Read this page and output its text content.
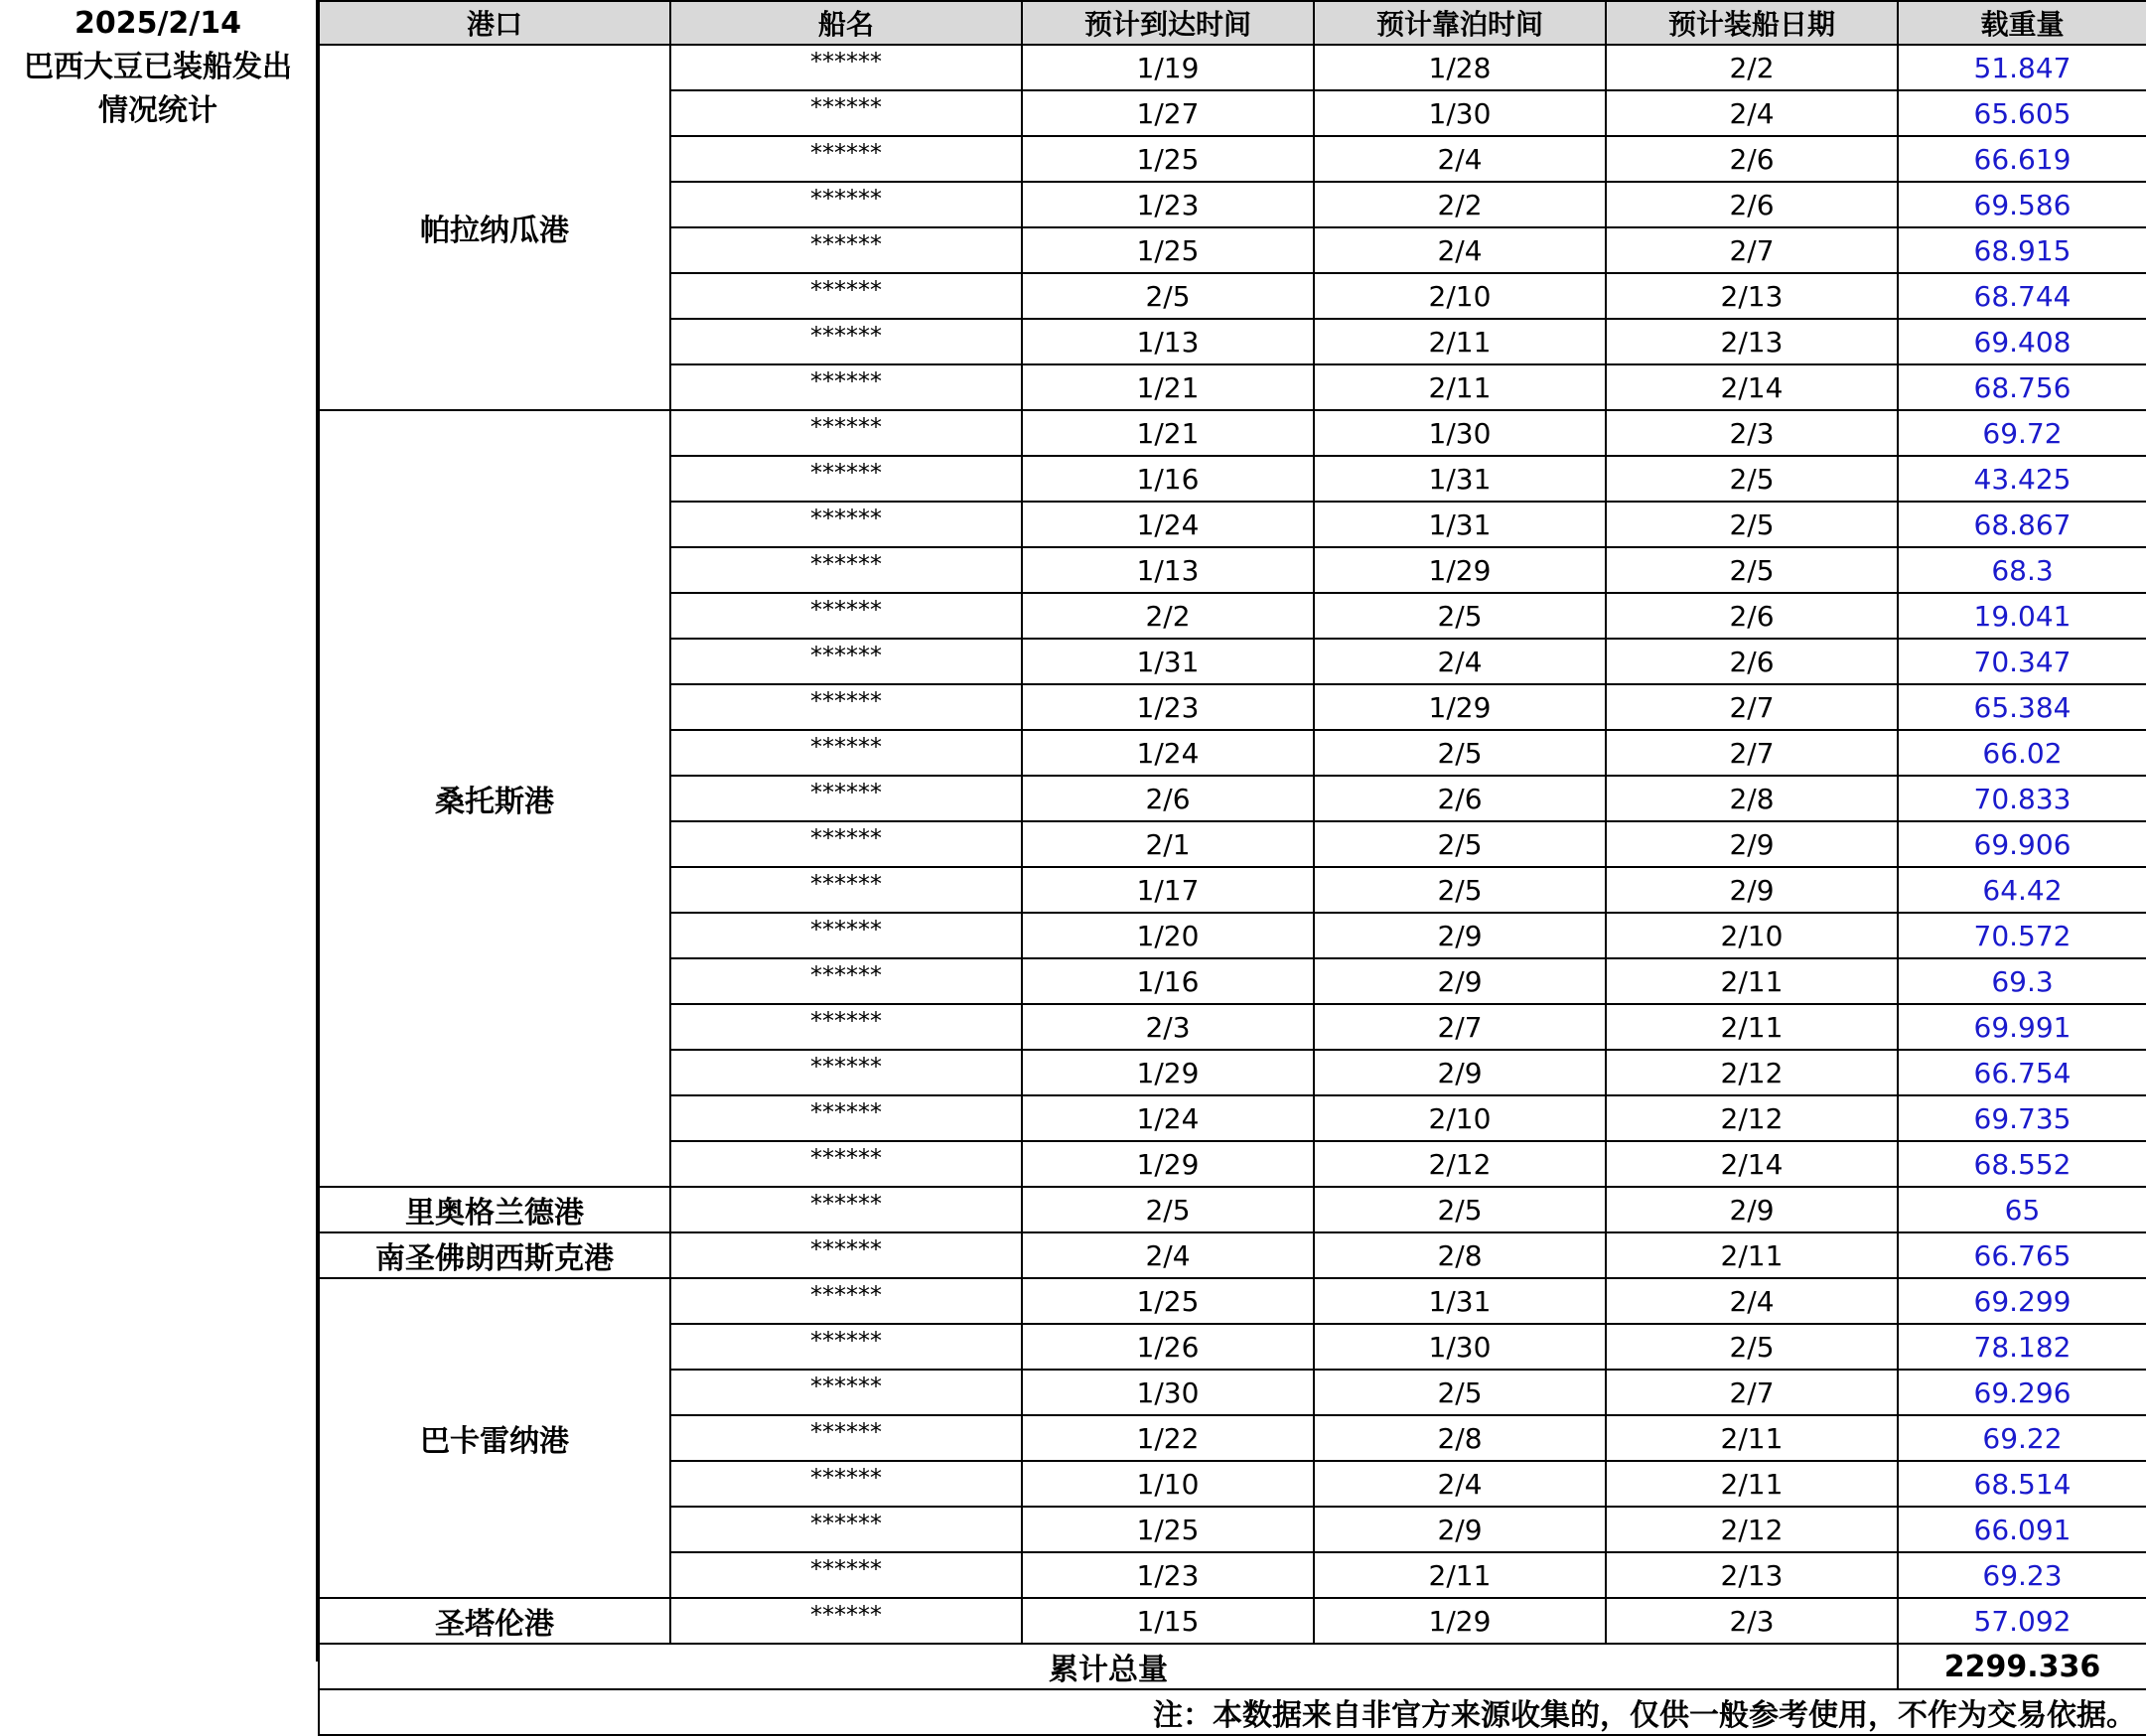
2025/2/14
巴西大豆已装船发出
情况统计
港口	船名	预计到达时间	预计靠泊时间	预计装船日期	载重量
帕拉纳瓜港	******	1/19	1/28	2/2	51.847
	******	1/27	1/30	2/4	65.605
	******	1/25	2/4	2/6	66.619
	******	1/23	2/2	2/6	69.586
	******	1/25	2/4	2/7	68.915
	******	2/5	2/10	2/13	68.744
	******	1/13	2/11	2/13	69.408
	******	1/21	2/11	2/14	68.756
桑托斯港	******	1/21	1/30	2/3	69.72
	******	1/16	1/31	2/5	43.425
	******	1/24	1/31	2/5	68.867
	******	1/13	1/29	2/5	68.3
	******	2/2	2/5	2/6	19.041
	******	1/31	2/4	2/6	70.347
	******	1/23	1/29	2/7	65.384
	******	1/24	2/5	2/7	66.02
	******	2/6	2/6	2/8	70.833
	******	2/1	2/5	2/9	69.906
	******	1/17	2/5	2/9	64.42
	******	1/20	2/9	2/10	70.572
	******	1/16	2/9	2/11	69.3
	******	2/3	2/7	2/11	69.991
	******	1/29	2/9	2/12	66.754
	******	1/24	2/10	2/12	69.735
	******	1/29	2/12	2/14	68.552
里奥格兰德港	******	2/5	2/5	2/9	65
南圣佛朗西斯克港	******	2/4	2/8	2/11	66.765
巴卡雷纳港	******	1/25	1/31	2/4	69.299
	******	1/26	1/30	2/5	78.182
	******	1/30	2/5	2/7	69.296
	******	1/22	2/8	2/11	69.22
	******	1/10	2/4	2/11	68.514
	******	1/25	2/9	2/12	66.091
	******	1/23	2/11	2/13	69.23
圣塔伦港	******	1/15	1/29	2/3	57.092
累计总量					2299.336
注：本数据来自非官方来源收集的，仅供一般参考使用，不作为交易依据。					
